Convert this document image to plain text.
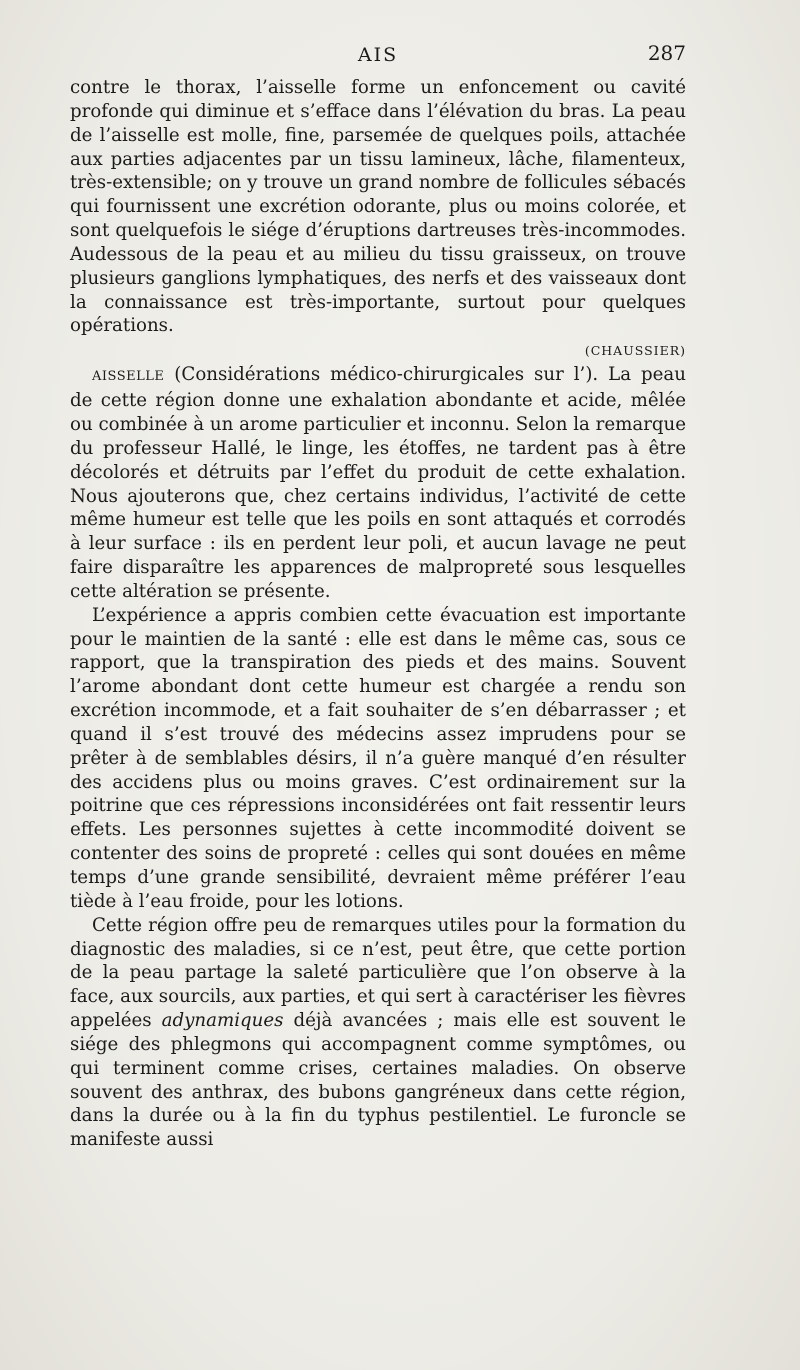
AIS	287

contre le thorax, l’aisselle forme un enfoncement ou cavité profonde qui diminue et s’efface dans l’élévation du bras. La peau de l’aisselle est molle, fine, parsemée de quelques poils, attachée aux parties adjacentes par un tissu lamineux, lâche, filamenteux, très-extensible; on y trouve un grand nombre de follicules sébacés qui fournissent une excrétion odorante, plus ou moins colorée, et sont quelquefois le siége d’éruptions dartreuses très-incommodes. Audessous de la peau et au milieu du tissu graisseux, on trouve plusieurs ganglions lymphatiques, des nerfs et des vaisseaux dont la connaissance est très-importante, surtout pour quelques opérations.

(CHAUSSIER)

AISSELLE (Considérations médico-chirurgicales sur l’). La peau de cette région donne une exhalation abondante et acide, mêlée ou combinée à un arome particulier et inconnu. Selon la remarque du professeur Hallé, le linge, les étoffes, ne tardent pas à être décolorés et détruits par l’effet du produit de cette exhalation. Nous ajouterons que, chez certains individus, l’activité de cette même humeur est telle que les poils en sont attaqués et corrodés à leur surface : ils en perdent leur poli, et aucun lavage ne peut faire disparaître les apparences de malpropreté sous lesquelles cette altération se présente.

L’expérience a appris combien cette évacuation est importante pour le maintien de la santé : elle est dans le même cas, sous ce rapport, que la transpiration des pieds et des mains. Souvent l’arome abondant dont cette humeur est chargée a rendu son excrétion incommode, et a fait souhaiter de s’en débarrasser ; et quand il s’est trouvé des médecins assez imprudens pour se prêter à de semblables désirs, il n’a guère manqué d’en résulter des accidens plus ou moins graves. C’est ordinairement sur la poitrine que ces répressions inconsidérées ont fait ressentir leurs effets. Les personnes sujettes à cette incommodité doivent se contenter des soins de propreté : celles qui sont douées en même temps d’une grande sensibilité, devraient même préférer l’eau tiède à l’eau froide, pour les lotions.

Cette région offre peu de remarques utiles pour la formation du diagnostic des maladies, si ce n’est, peut être, que cette portion de la peau partage la saleté particulière que l’on observe à la face, aux sourcils, aux parties, et qui sert à caractériser les fièvres appelées adynamiques déjà avancées ; mais elle est souvent le siége des phlegmons qui accompagnent comme symptômes, ou qui terminent comme crises, certaines maladies. On observe souvent des anthrax, des bubons gangréneux dans cette région, dans la durée ou à la fin du typhus pestilentiel. Le furoncle se manifeste aussi
